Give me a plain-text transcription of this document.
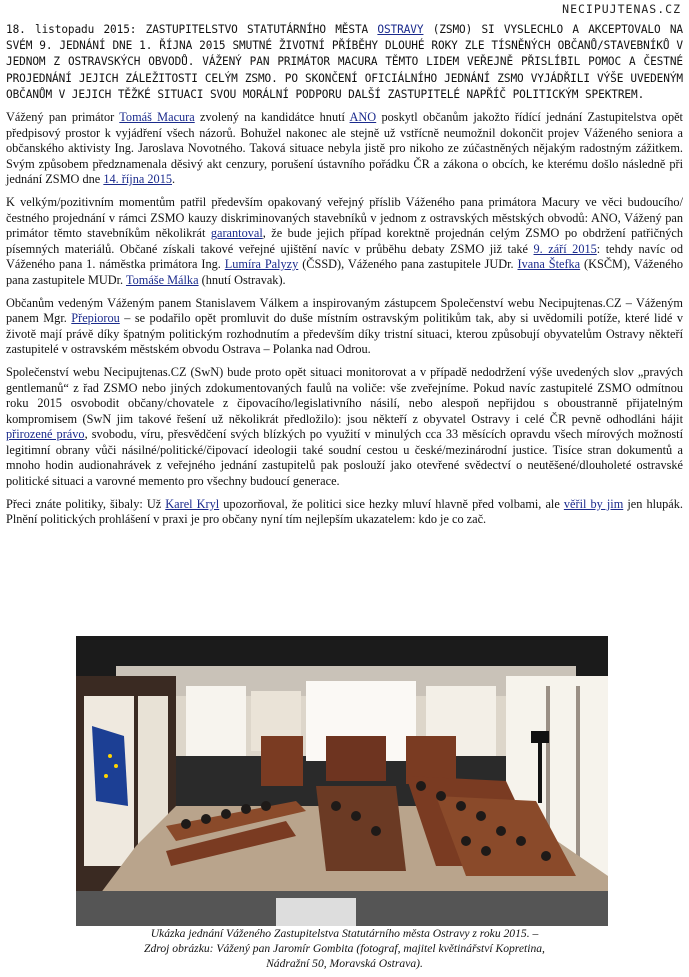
NECIPUJTENAS.CZ
18. listopadu 2015: ZASTUPITELSTVO STATUTÁRNÍHO MĚSTA OSTRAVY (ZSMO) SI VYSLECHLO A AKCEPTOVALO NA SVÉM 9. JEDNÁNÍ DNE 1. ŘÍJNA 2015 SMUTNÉ ŽIVOTNÍ PŘÍBĚHY DLOUHÉ ROKY ZLE TÍSNĚNÝCH OBČANŮ/STAVEBNÍKŮ V JEDNOM Z OSTRAVSKÝCH OBVODŮ. VÁŽENÝ PAN PRIMÁTOR MACURA TĚMTO LIDEM VEŘEJNĚ PŘISLÍBIL POMOC A ČESTNÉ PROJEDNÁNÍ JEJICH ZÁLEŽITOSTI CELÝM ZSMO. PO SKONČENÍ OFICIÁLNÍHO JEDNÁNÍ ZSMO VYJÁDŘILI VÝŠE UVEDENÝM OBČANŮM V JEJICH TĚŽKÉ SITUACI SVOU MORÁLNÍ PODPORU DALŠÍ ZASTUPITELÉ NAPŘÍČ POLITICKÝM SPEKTREM.

Vážený pan primátor Tomáš Macura zvolený na kandidátce hnutí ANO poskytl občanům jakožto řídící jednání Zastupitelstva opět předpisový prostor k vyjádření všech názorů. Bohužel nakonec ale stejně už vstřícně neumožnil dokončit projev Váženého seniora a občanského aktivisty Ing. Jaroslava Novotného. Taková situace nebyla jistě pro nikoho ze zúčastněných nějakým radostným zážitkem. Svým způsobem předznamenala děsivý akt cenzury, porušení ústavního pořádku ČR a zákona o obcích, ke kterému došlo následně při jednání ZSMO dne 14. října 2015.

K velkým/pozitivním momentům patřil především opakovaný veřejný příslib Váženého pana primátora Macury ve věci budoucího/čestného projednání v rámci ZSMO kauzy diskriminovaných stavebníků v jednom z ostravských městských obvodů: ANO, Vážený pan primátor těmto stavebníkům několikrát garantoval, že bude jejich případ korektně projednán celým ZSMO po obdržení patřičných písemných materiálů. Občané získali takové veřejné ujištění navíc v průběhu debaty ZSMO již také 9. září 2015: tehdy navíc od Váženého pana 1. náměstka primátora Ing. Lumíra Palyzy (ČSSD), Váženého pana zastupitele JUDr. Ivana Štefka (KSČM), Váženého pana zastupitele MUDr. Tomáše Málka (hnutí Ostravak).

Občanům vedeným Váženým panem Stanislavem Válkem a inspirovaným zástupcem Společenství webu Necipujtenas.CZ – Váženým panem Mgr. Přepiorou – se podařilo opět promluvit do duše místním ostravským politikům tak, aby si uvědomili potíže, které lidé v životě mají právě díky špatným politickým rozhodnutím a především díky tristní situaci, kterou způsobují obyvatelům Ostravy někteří zastupitelé v ostravském městském obvodu Ostrava – Polanka nad Odrou.

Společenství webu Necipujtenas.CZ (SwN) bude proto opět situaci monitorovat a v případě nedodržení výše uvedených slov „pravých gentlemanů“ z řad ZSMO nebo jiných zdokumentovaných faulů na voliče: vše zveřejníme. Pokud navíc zastupitelé ZSMO odmítnou roku 2015 osvobodit občany/chovatele z čipovacího/legislativního násilí, nebo alespoň nepřijdou s oboustranně přijatelným kompromisem (SwN jim takové řešení už několikrát předložilo): jsou někteří z obyvatel Ostravy i celé ČR pevně odhodláni hájit přirozené právo, svobodu, víru, přesvědčení svých blízkých po využití v minulých cca 33 měsících opravdu všech mírových možností legitimní obrany vůči násilné/politické/čipovací ideologii také soudní cestou u české/mezinárodní justice. Tisíce stran dokumentů a mnoho hodin audionahrávek z veřejného jednání zastupitelů pak poslouží jako otevřené svědectví o neutěšené/dlouholeté ostravské politické situaci a varovné memento pro všechny budoucí generace.

Přeci znáte politiky, šibaly: Už Karel Kryl upozorňoval, že politici sice hezky mluví hlavně před volbami, ale věřil by jim jen hlupák. Plnění politických prohlášení v praxi je pro občany nyní tím nejlepším ukazatelem: kdo je co zač.

Ukázka jednání Váženého Zastupitelstva Statutárního města Ostravy z roku 2015. –
Zdroj obrázku: Vážený pan Jaromír Gombita (fotograf, majitel květinářství Kopretina,
Nádražní 50, Moravská Ostrava).
